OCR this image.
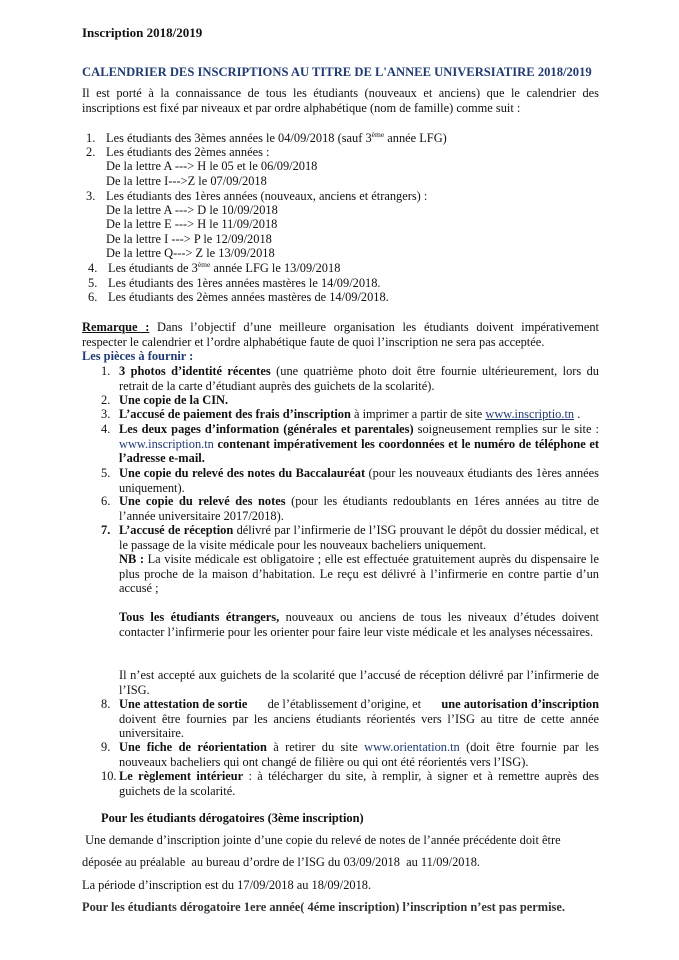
Inscription 2018/2019
CALENDRIER DES INSCRIPTIONS AU TITRE DE L'ANNEE UNIVERSIATIRE 2018/2019
Il est porté à la connaissance de tous les étudiants (nouveaux et anciens) que le calendrier des inscriptions est fixé par niveaux et par ordre alphabétique (nom de famille) comme suit :
1. Les étudiants des 3èmes années le 04/09/2018 (sauf 3ème année LFG)
2. Les étudiants des 2èmes années :
De la lettre A ---> H le 05 et le 06/09/2018
De la lettre I--->Z le 07/09/2018
3. Les étudiants des 1ères années (nouveaux, anciens et étrangers) :
De la lettre A ---> D le 10/09/2018
De la lettre E ---> H le 11/09/2018
De la lettre I ---> P le 12/09/2018
De la lettre Q---> Z le 13/09/2018
4. Les étudiants de 3ème année LFG le 13/09/2018
5. Les étudiants des 1ères années mastères le 14/09/2018.
6. Les étudiants des 2èmes années mastères de 14/09/2018.
Remarque : Dans l’objectif d’une meilleure organisation les étudiants doivent impérativement respecter le calendrier et l’ordre alphabétique faute de quoi l’inscription ne sera pas acceptée.
Les pièces à fournir :
1. 3 photos d’identité récentes (une quatrième photo doit être fournie ultérieurement, lors du retrait de la carte d’étudiant auprès des guichets de la scolarité).
2. Une copie de la CIN.
3. L’accusé de paiement des frais d’inscription à imprimer a partir de site www.inscriptio.tn .
4. Les deux pages d’information (générales et parentales) soigneusement remplies sur le site : www.inscription.tn contenant impérativement les coordonnées et le numéro de téléphone et l’adresse e-mail.
5. Une copie du relevé des notes du Baccalauréat (pour les nouveaux étudiants des 1ères années uniquement).
6. Une copie du relevé des notes (pour les étudiants redoublants en 1éres années au titre de l’année universitaire 2017/2018).
7. L’accusé de réception délivré par l’infirmerie de l’ISG prouvant le dépôt du dossier médical, et le passage de la visite médicale pour les nouveaux bacheliers uniquement.
NB : La visite médicale est obligatoire ; elle est effectuée gratuitement auprès du dispensaire le plus proche de la maison d’habitation. Le reçu est délivré à l’infirmerie en contre partie d’un accusé ;
Tous les étudiants étrangers, nouveaux ou anciens de tous les niveaux d’études doivent contacter l’infirmerie pour les orienter pour faire leur viste médicale et les analyses nécessaires.
Il n’est accepté aux guichets de la scolarité que l’accusé de réception délivré par l’infirmerie de l’ISG.
8. Une attestation de sortie de l’établissement d’origine, et une autorisation d’inscription
doivent être fournies par les anciens étudiants réorientés vers l’ISG au titre de cette année universitaire.
9. Une fiche de réorientation à retirer du site www.orientation.tn (doit être fournie par les nouveaux bacheliers qui ont changé de filière ou qui ont été réorientés vers l’ISG).
10. Le règlement intérieur : à télécharger du site, à remplir, à signer et à remettre auprès des guichets de la scolarité.
Pour les étudiants dérogatoires (3ème inscription)
Une demande d’inscription jointe d’une copie du relevé de notes de l’année précédente doit être
déposée au préalable  au bureau d’ordre de l’ISG du 03/09/2018  au 11/09/2018.
La période d’inscription est du 17/09/2018 au 18/09/2018.
Pour les étudiants dérogatoire 1ere année( 4éme inscription) l’inscription n’est pas permise.
